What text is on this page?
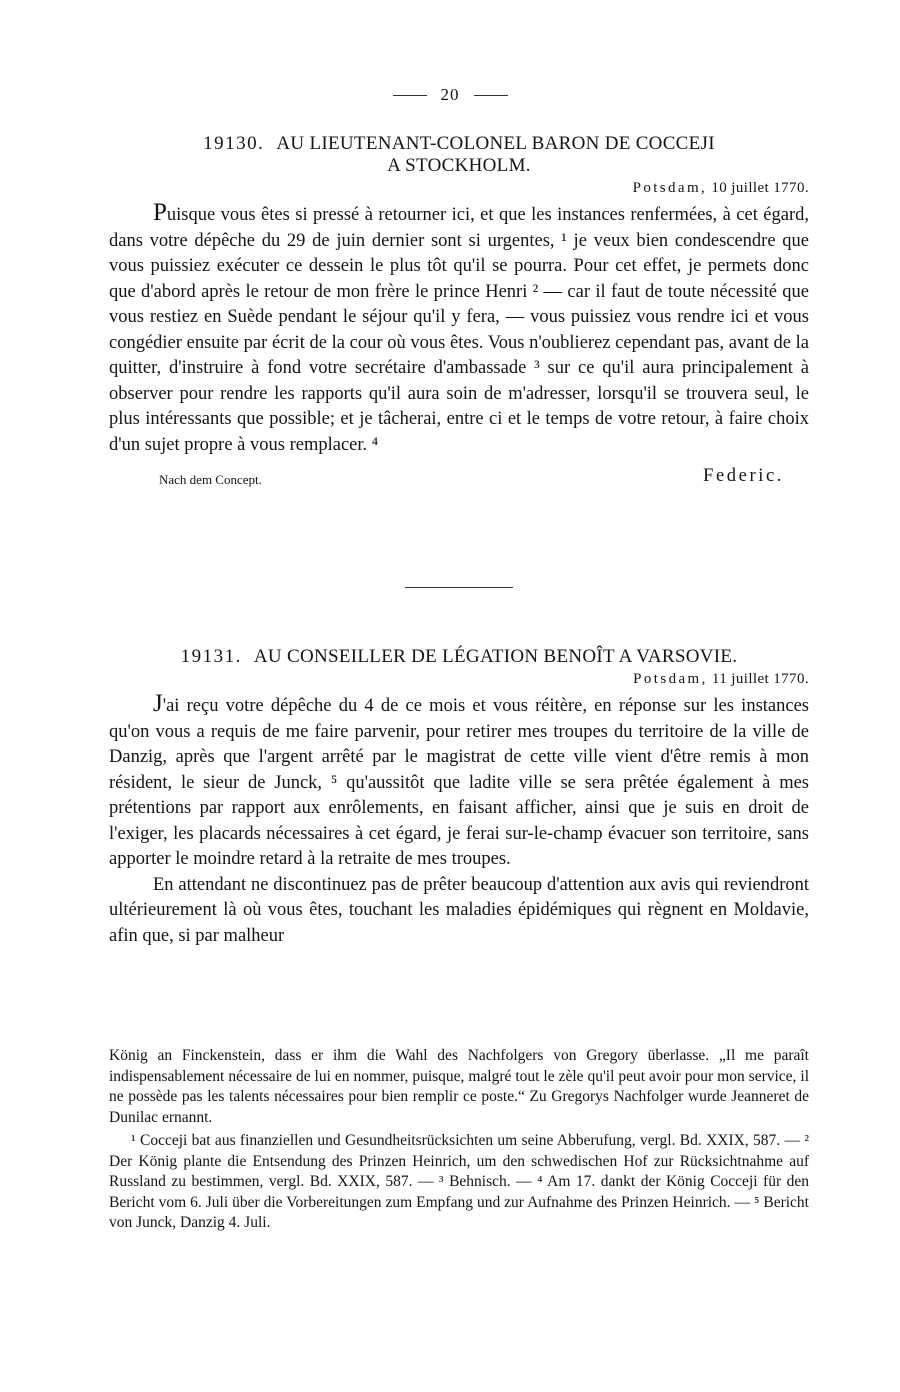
20
19130. AU LIEUTENANT-COLONEL BARON DE COCCEJI
A STOCKHOLM.
Potsdam, 10 juillet 1770.

Puisque vous êtes si pressé à retourner ici, et que les instances renfermées, à cet égard, dans votre dépêche du 29 de juin dernier sont si urgentes, ¹ je veux bien condescendre que vous puissiez exécuter ce dessein le plus tôt qu'il se pourra. Pour cet effet, je permets donc que d'abord après le retour de mon frère le prince Henri ² — car il faut de toute nécessité que vous restiez en Suède pendant le séjour qu'il y fera, — vous puissiez vous rendre ici et vous congédier ensuite par écrit de la cour où vous êtes. Vous n'oublierez cependant pas, avant de la quitter, d'instruire à fond votre secrétaire d'ambassade ³ sur ce qu'il aura principalement à observer pour rendre les rapports qu'il aura soin de m'adresser, lorsqu'il se trouvera seul, le plus intéressants que possible; et je tâcherai, entre ci et le temps de votre retour, à faire choix d'un sujet propre à vous remplacer. ⁴

Nach dem Concept.	Federic.
19131. AU CONSEILLER DE LÉGATION BENOÎT A VARSOVIE.
Potsdam, 11 juillet 1770.

J'ai reçu votre dépêche du 4 de ce mois et vous réitère, en réponse sur les instances qu'on vous a requis de me faire parvenir, pour retirer mes troupes du territoire de la ville de Danzig, après que l'argent arrêté par le magistrat de cette ville vient d'être remis à mon résident, le sieur de Junck, ⁵ qu'aussitôt que ladite ville se sera prêtée également à mes prétentions par rapport aux enrôlements, en faisant afficher, ainsi que je suis en droit de l'exiger, les placards nécessaires à cet égard, je ferai sur-le-champ évacuer son territoire, sans apporter le moindre retard à la retraite de mes troupes.

En attendant ne discontinuez pas de prêter beaucoup d'attention aux avis qui reviendront ultérieurement là où vous êtes, touchant les maladies épidémiques qui règnent en Moldavie, afin que, si par malheur

König an Finckenstein, dass er ihm die Wahl des Nachfolgers von Gregory überlasse. „Il me paraît indispensablement nécessaire de lui en nommer, puisque, malgré tout le zèle qu'il peut avoir pour mon service, il ne possède pas les talents nécessaires pour bien remplir ce poste.“ Zu Gregorys Nachfolger wurde Jeanneret de Dunilac ernannt.

¹ Cocceji bat aus finanziellen und Gesundheitsrücksichten um seine Abberufung, vergl. Bd. XXIX, 587. — ² Der König plante die Entsendung des Prinzen Heinrich, um den schwedischen Hof zur Rücksichtnahme auf Russland zu bestimmen, vergl. Bd. XXIX, 587. — ³ Behnisch. — ⁴ Am 17. dankt der König Cocceji für den Bericht vom 6. Juli über die Vorbereitungen zum Empfang und zur Aufnahme des Prinzen Heinrich. — ⁵ Bericht von Junck, Danzig 4. Juli.
